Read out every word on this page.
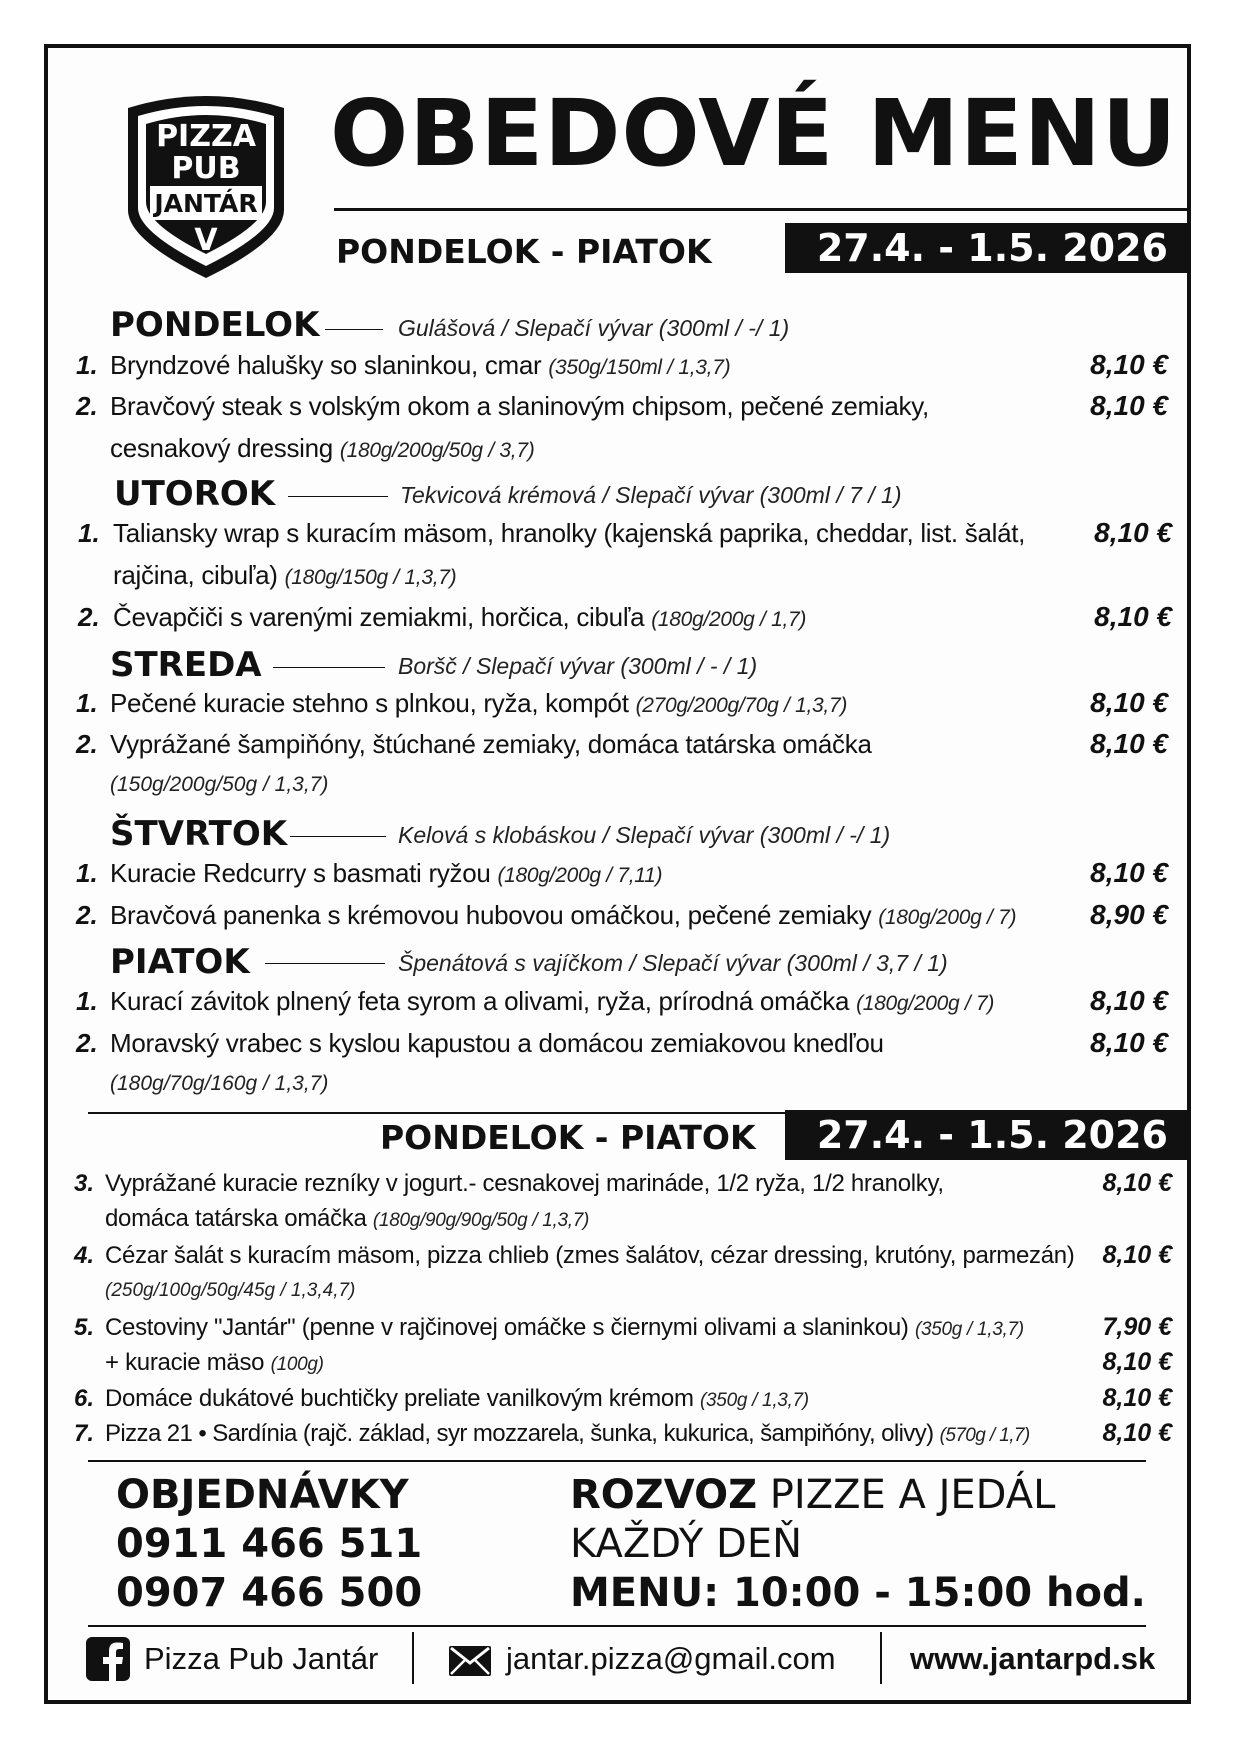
PIZZA
PUB
JANTÁR
V
OBEDOVÉ MENU
PONDELOK - PIATOK	27.4. - 1.5. 2026
PONDELOK	Gulášová / Slepačí vývar (300ml / -/ 1)
1. Bryndzové halušky so slaninkou, cmar (350g/150ml / 1,3,7)	8,10 €
2. Bravčový steak s volským okom a slaninovým chipsom, pečené zemiaky,	8,10 €
cesnakový dressing (180g/200g/50g / 3,7)
UTOROK	Tekvicová krémová / Slepačí vývar (300ml / 7 / 1)
1. Taliansky wrap s kuracím mäsom, hranolky (kajenská paprika, cheddar, list. šalát,	8,10 €
rajčina, cibuľa) (180g/150g / 1,3,7)
2. Čevapčiči s varenými zemiakmi, horčica, cibuľa (180g/200g / 1,7)	8,10 €
STREDA	Boršč / Slepačí vývar (300ml / - / 1)
1. Pečené kuracie stehno s plnkou, ryža, kompót (270g/200g/70g / 1,3,7)	8,10 €
2. Vyprážané šampiňóny, štúchané zemiaky, domáca tatárska omáčka	8,10 €
(150g/200g/50g / 1,3,7)
ŠTVRTOK	Kelová s klobáskou / Slepačí vývar (300ml / -/ 1)
1. Kuracie Redcurry s basmati ryžou (180g/200g / 7,11)	8,10 €
2. Bravčová panenka s krémovou hubovou omáčkou, pečené zemiaky (180g/200g / 7)	8,90 €
PIATOK	Špenátová s vajíčkom / Slepačí vývar (300ml / 3,7 / 1)
1. Kurací závitok plnený feta syrom a olivami, ryža, prírodná omáčka (180g/200g / 7)	8,10 €
2. Moravský vrabec s kyslou kapustou a domácou zemiakovou knedľou	8,10 €
(180g/70g/160g / 1,3,7)
PONDELOK - PIATOK	27.4. - 1.5. 2026
3. Vyprážané kuracie rezníky v jogurt.- cesnakovej marináde, 1/2 ryža, 1/2 hranolky,	8,10 €
domáca tatárska omáčka (180g/90g/90g/50g / 1,3,7)
4. Cézar šalát s kuracím mäsom, pizza chlieb (zmes šalátov, cézar dressing, krutóny, parmezán)	8,10 €
(250g/100g/50g/45g / 1,3,4,7)
5. Cestoviny "Jantár" (penne v rajčinovej omáčke s čiernymi olivami a slaninkou) (350g / 1,3,7)	7,90 €
+ kuracie mäso (100g)	8,10 €
6. Domáce dukátové buchtičky preliate vanilkovým krémom (350g / 1,3,7)	8,10 €
7. Pizza 21 • Sardínia (rajč. základ, syr mozzarela, šunka, kukurica, šampiňóny, olivy) (570g / 1,7)	8,10 €
OBJEDNÁVKY
0911 466 511
0907 466 500
ROZVOZ PIZZE A JEDÁL
KAŽDÝ DEŇ
MENU: 10:00 - 15:00 hod.
Pizza Pub Jantár	jantar.pizza@gmail.com www.jantarpd.sk
